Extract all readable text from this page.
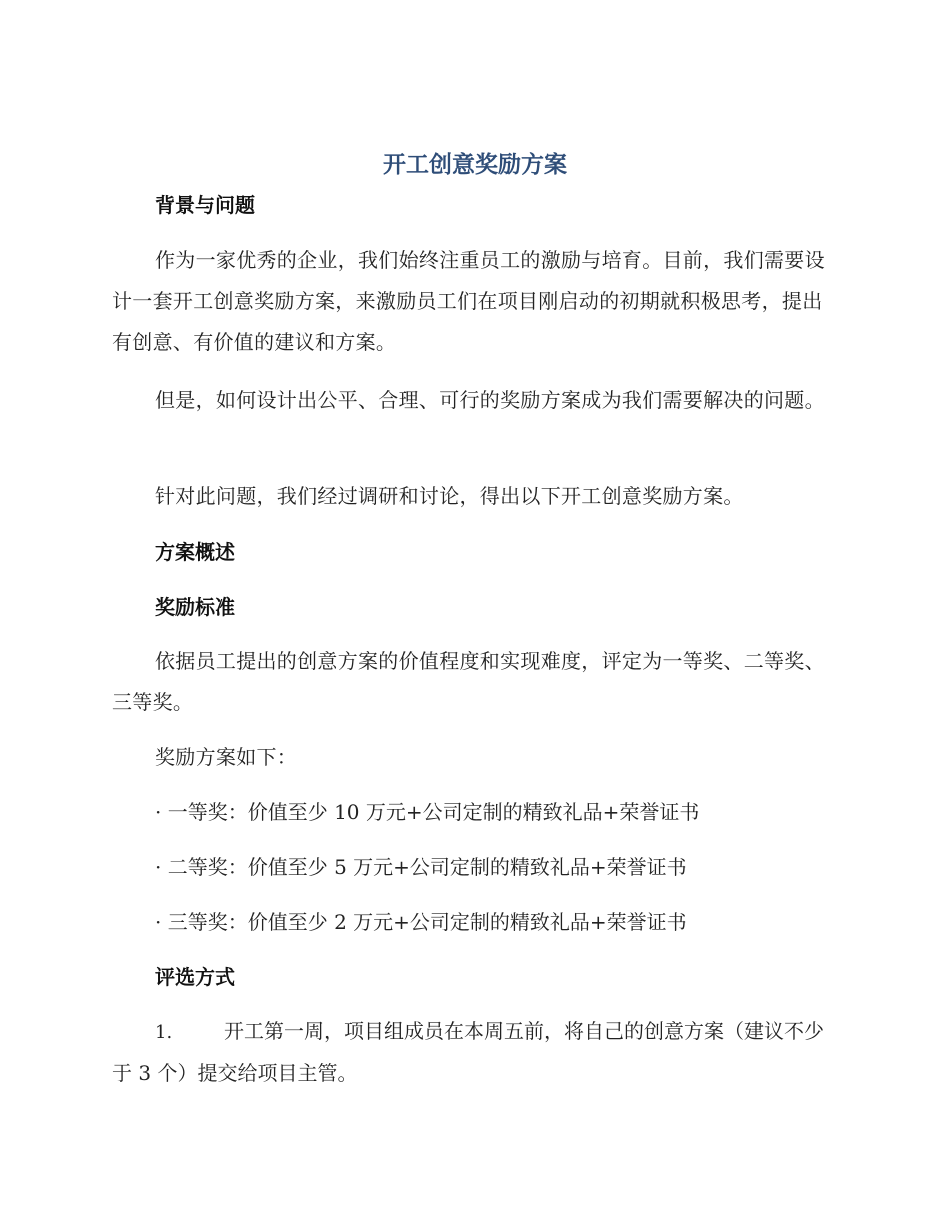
开工创意奖励方案
背景与问题

作为一家优秀的企业，我们始终注重员工的激励与培育。目前，我们需要设计一套开工创意奖励方案，来激励员工们在项目刚启动的初期就积极思考，提出有创意、有价值的建议和方案。

但是，如何设计出公平、合理、可行的奖励方案成为我们需要解决的问题。

针对此问题，我们经过调研和讨论，得出以下开工创意奖励方案。

方案概述
奖励标准

依据员工提出的创意方案的价值程度和实现难度，评定为一等奖、二等奖、三等奖。

奖励方案如下：

· 一等奖：价值至少 10 万元+公司定制的精致礼品+荣誉证书

· 二等奖：价值至少 5 万元+公司定制的精致礼品+荣誉证书

· 三等奖：价值至少 2 万元+公司定制的精致礼品+荣誉证书

评选方式

1.	开工第一周，项目组成员在本周五前，将自己的创意方案（建议不少于 3 个）提交给项目主管。
